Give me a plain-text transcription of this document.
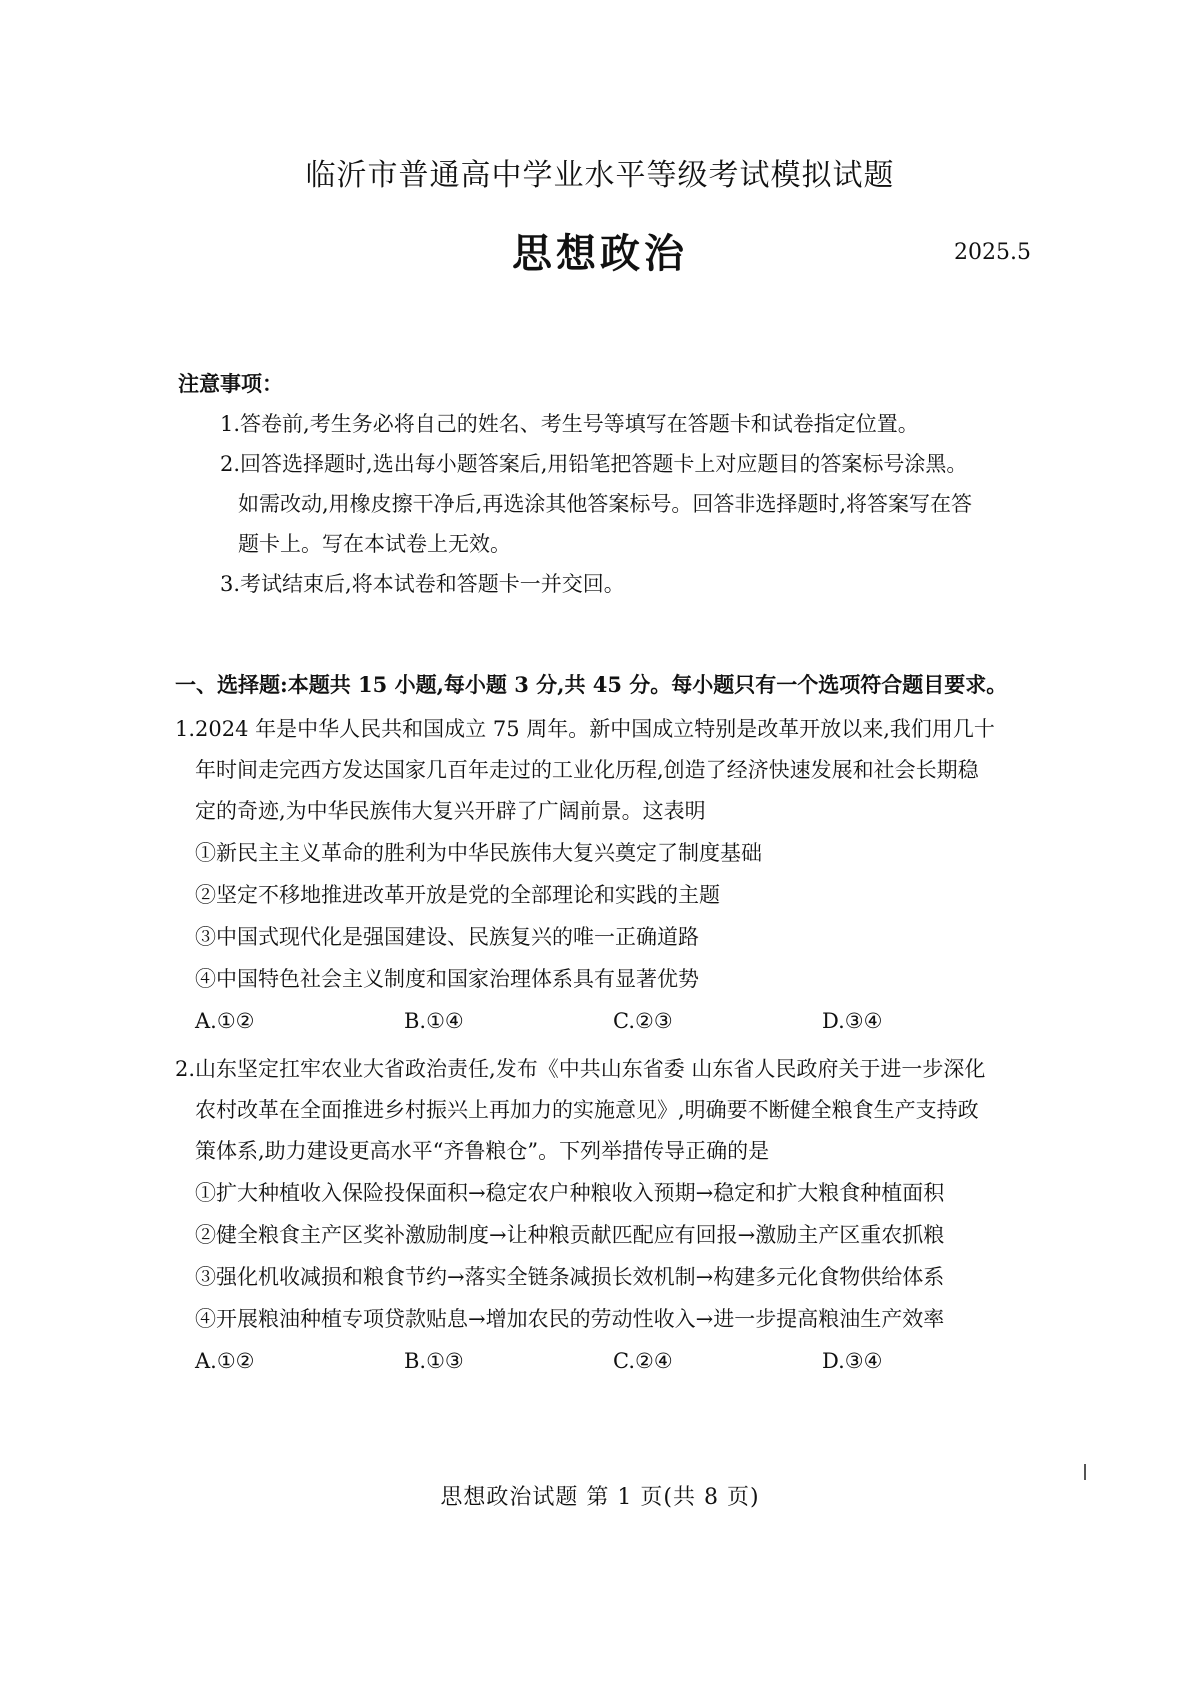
临沂市普通高中学业水平等级考试模拟试题
思想政治	2025.5
注意事项：
1.答卷前,考生务必将自己的姓名、考生号等填写在答题卡和试卷指定位置。
2.回答选择题时,选出每小题答案后,用铅笔把答题卡上对应题目的答案标号涂黑。
如需改动,用橡皮擦干净后,再选涂其他答案标号。回答非选择题时,将答案写在答
题卡上。写在本试卷上无效。
3.考试结束后,将本试卷和答题卡一并交回。
一、选择题:本题共 15 小题,每小题 3 分,共 45 分。每小题只有一个选项符合题目要求。
1.2024 年是中华人民共和国成立 75 周年。新中国成立特别是改革开放以来,我们用几十
年时间走完西方发达国家几百年走过的工业化历程,创造了经济快速发展和社会长期稳
定的奇迹,为中华民族伟大复兴开辟了广阔前景。这表明
①新民主主义革命的胜利为中华民族伟大复兴奠定了制度基础
②坚定不移地推进改革开放是党的全部理论和实践的主题
③中国式现代化是强国建设、民族复兴的唯一正确道路
④中国特色社会主义制度和国家治理体系具有显著优势
A.①②	B.①④	C.②③	D.③④
2.山东坚定扛牢农业大省政治责任,发布《中共山东省委 山东省人民政府关于进一步深化
农村改革在全面推进乡村振兴上再加力的实施意见》,明确要不断健全粮食生产支持政
策体系,助力建设更高水平“齐鲁粮仓”。下列举措传导正确的是
①扩大种植收入保险投保面积→稳定农户种粮收入预期→稳定和扩大粮食种植面积
②健全粮食主产区奖补激励制度→让种粮贡献匹配应有回报→激励主产区重农抓粮
③强化机收减损和粮食节约→落实全链条减损长效机制→构建多元化食物供给体系
④开展粮油种植专项贷款贴息→增加农民的劳动性收入→进一步提高粮油生产效率
A.①②	B.①③	C.②④	D.③④
思想政治试题 第 1 页(共 8 页)
